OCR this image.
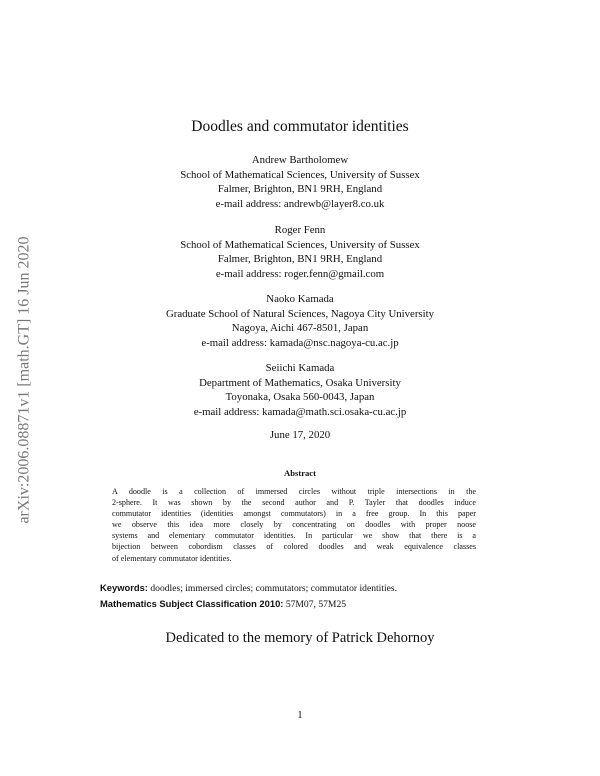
arXiv:2006.08871v1 [math.GT] 16 Jun 2020
Doodles and commutator identities
Andrew Bartholomew
School of Mathematical Sciences, University of Sussex
Falmer, Brighton, BN1 9RH, England
e-mail address: andrewb@layer8.co.uk
Roger Fenn
School of Mathematical Sciences, University of Sussex
Falmer, Brighton, BN1 9RH, England
e-mail address: roger.fenn@gmail.com
Naoko Kamada
Graduate School of Natural Sciences, Nagoya City University
Nagoya, Aichi 467-8501, Japan
e-mail address: kamada@nsc.nagoya-cu.ac.jp
Seiichi Kamada
Department of Mathematics, Osaka University
Toyonaka, Osaka 560-0043, Japan
e-mail address: kamada@math.sci.osaka-cu.ac.jp
June 17, 2020
Abstract
A doodle is a collection of immersed circles without triple intersections in the
2-sphere. It was shown by the second author and P. Tayler that doodles induce
commutator identities (identities amongst commutators) in a free group. In this paper
we observe this idea more closely by concentrating on doodles with proper noose
systems and elementary commutator identities. In particular we show that there is a
bijection between cobordism classes of colored doodles and weak equivalence classes
of elementary commutator identities.
Keywords: doodles; immersed circles; commutators; commutator identities.
Mathematics Subject Classification 2010: 57M07, 57M25
Dedicated to the memory of Patrick Dehornoy
1
